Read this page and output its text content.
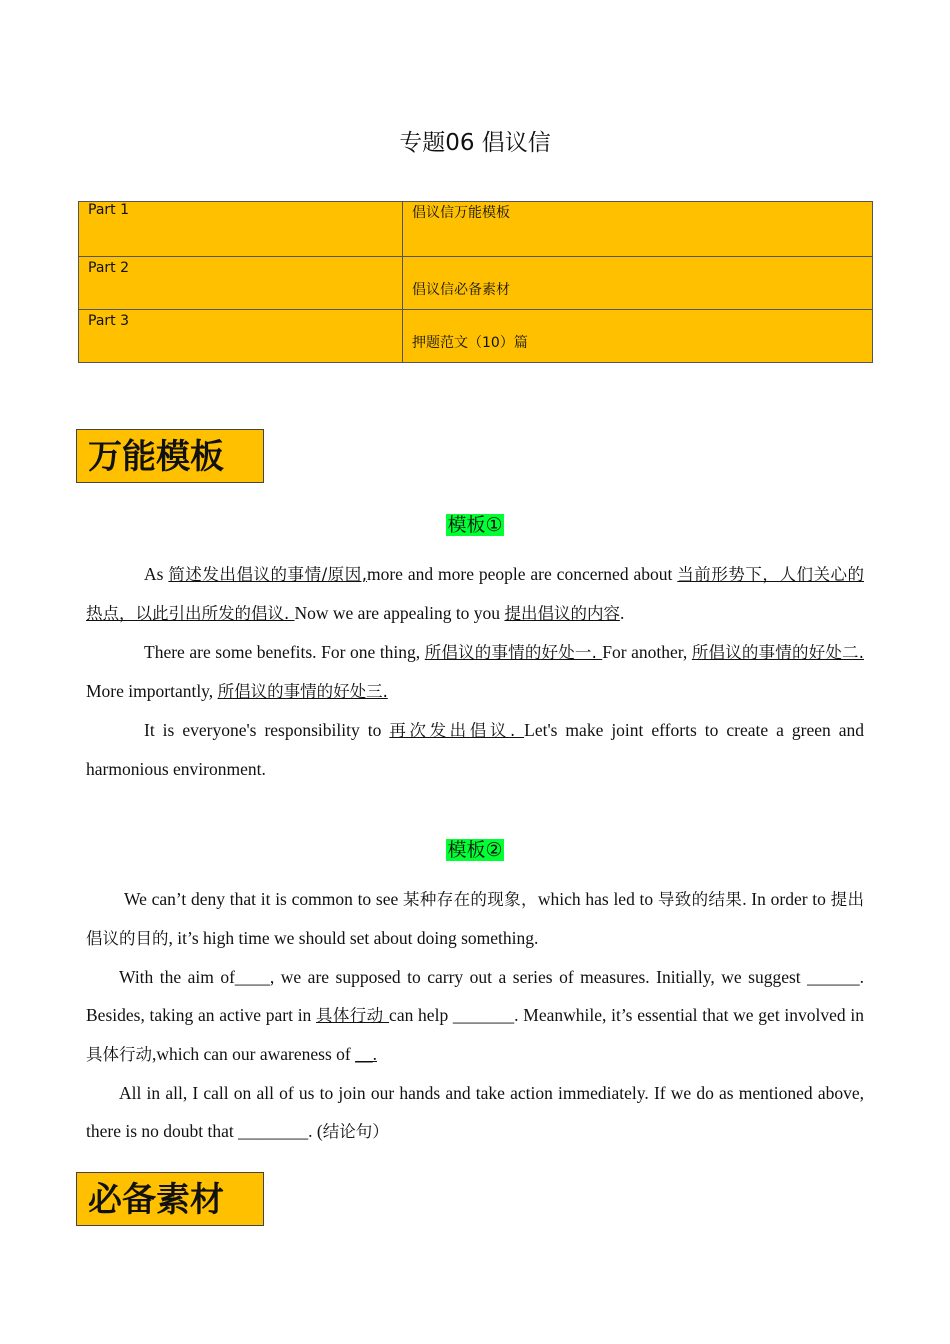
专题06 倡议信
Part 1	倡议信万能模板
Part 2	倡议信必备素材
Part 3	押题范文（10）篇
万能模板
模板①

As 简述发出倡议的事情/原因,more and more people are concerned about 当前形势下，人们关心的热点，以此引出所发的倡议. Now we are appealing to you 提出倡议的内容.

There are some benefits. For one thing, 所倡议的事情的好处一. For another, 所倡议的事情的好处二. More importantly, 所倡议的事情的好处三.

It is everyone's responsibility to 再次发出倡议. Let's make joint efforts to create a green and harmonious environment.

模板②

We can’t deny that it is common to see 某种存在的现象，which has led to 导致的结果. In order to 提出倡议的目的, it’s high time we should set about doing something.

With the aim of____, we are supposed to carry out a series of measures. Initially, we suggest ______. Besides, taking an active part in 具体行动 can help _______. Meanwhile, it’s essential that we get involved in 具体行动,which can our awareness of __.

All in all, I call on all of us to join our hands and take action immediately. If we do as mentioned above, there is no doubt that ________. (结论句）

必备素材
